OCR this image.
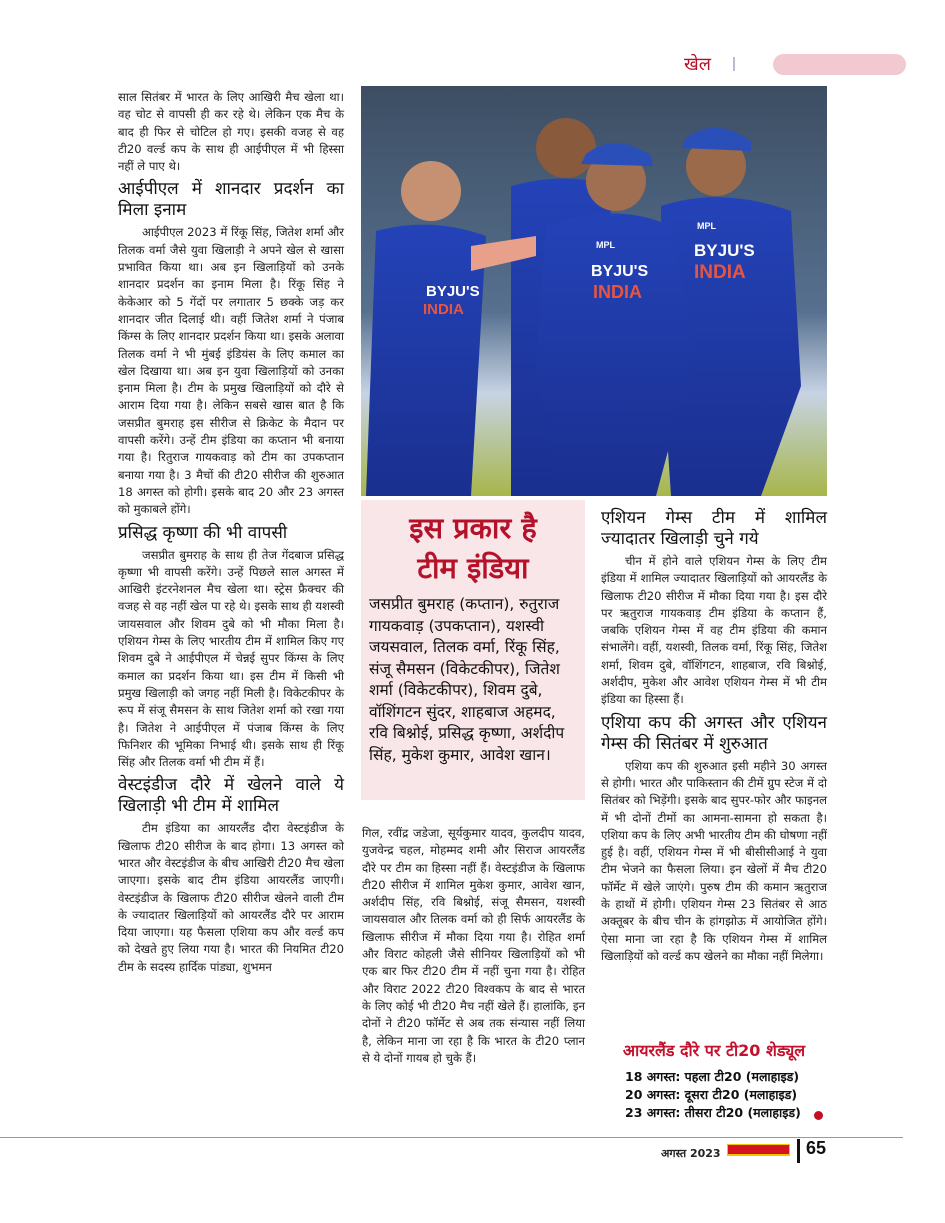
खेल

साल सितंबर में भारत के लिए आखिरी मैच खेला था। वह चोट से वापसी ही कर रहे थे। लेकिन एक मैच के बाद ही फिर से चोटिल हो गए। इसकी वजह से वह टी20 वर्ल्ड कप के साथ ही आईपीएल में भी हिस्सा नहीं ले पाए थे।

आईपीएल में शानदार प्रदर्शन का मिला इनाम

आईपीएल 2023 में रिंकू सिंह, जितेश शर्मा और तिलक वर्मा जैसे युवा खिलाड़ी ने अपने खेल से खासा प्रभावित किया था। अब इन खिलाड़ियों को उनके शानदार प्रदर्शन का इनाम मिला है। रिंकू सिंह ने केकेआर को 5 गेंदों पर लगातार 5 छक्के जड़ कर शानदार जीत दिलाई थी। वहीं जितेश शर्मा ने पंजाब किंग्स के लिए शानदार प्रदर्शन किया था। इसके अलावा तिलक वर्मा ने भी मुंबई इंडियंस के लिए कमाल का खेल दिखाया था। अब इन युवा खिलाड़ियों को उनका इनाम मिला है। टीम के प्रमुख खिलाड़ियों को दौरे से आराम दिया गया है। लेकिन सबसे खास बात है कि जसप्रीत बुमराह इस सीरीज से क्रिकेट के मैदान पर वापसी करेंगे। उन्हें टीम इंडिया का कप्तान भी बनाया गया है। रितुराज गायकवाड़ को टीम का उपकप्तान बनाया गया है। 3 मैचों की टी20 सीरीज की शुरुआत 18 अगस्त को होगी। इसके बाद 20 और 23 अगस्त को मुकाबले होंगे।

प्रसिद्ध कृष्णा की भी वापसी

जसप्रीत बुमराह के साथ ही तेज गेंदबाज प्रसिद्ध कृष्णा भी वापसी करेंगे। उन्हें पिछले साल अगस्त में आखिरी इंटरनेशनल मैच खेला था। स्ट्रेस फ्रैक्चर की वजह से वह नहीं खेल पा रहे थे। इसके साथ ही यशस्वी जायसवाल और शिवम दुबे को भी मौका मिला है। एशियन गेम्स के लिए भारतीय टीम में शामिल किए गए शिवम दुबे ने आईपीएल में चेन्नई सुपर किंग्स के लिए कमाल का प्रदर्शन किया था। इस टीम में किसी भी प्रमुख खिलाड़ी को जगह नहीं मिली है। विकेटकीपर के रूप में संजू सैमसन के साथ जितेश शर्मा को रखा गया है। जितेश ने आईपीएल में पंजाब किंग्स के लिए फिनिशर की भूमिका निभाई थी। इसके साथ ही रिंकू सिंह और तिलक वर्मा भी टीम में हैं।

वेस्टइंडीज दौरे में खेलने वाले ये खिलाड़ी भी टीम में शामिल

टीम इंडिया का आयरलैंड दौरा वेस्टइंडीज के खिलाफ टी20 सीरीज के बाद होगा। 13 अगस्त को भारत और वेस्टइंडीज के बीच आखिरी टी20 मैच खेला जाएगा। इसके बाद टीम इंडिया आयरलैंड जाएगी। वेस्टइंडीज के खिलाफ टी20 सीरीज खेलने वाली टीम के ज्यादातर खिलाड़ियों को आयरलैंड दौरे पर आराम दिया जाएगा। यह फैसला एशिया कप और वर्ल्ड कप को देखते हुए लिया गया है। भारत की नियमित टी20 टीम के सदस्य हार्दिक पांड्या, शुभमन

BYJU'S
INDIA
BYJU'S
INDIA
MPL
BYJU'S
INDIA
MPL
इस प्रकार है
टीम इंडिया
जसप्रीत बुमराह (कप्तान), रुतुराज गायकवाड़ (उपकप्तान), यशस्वी जयसवाल, तिलक वर्मा, रिंकू सिंह, संजू सैमसन (विकेटकीपर), जितेश शर्मा (विकेटकीपर), शिवम दुबे, वॉशिंगटन सुंदर, शाहबाज अहमद, रवि बिश्नोई, प्रसिद्ध कृष्णा, अर्शदीप सिंह, मुकेश कुमार, आवेश खान।

गिल, रवींद्र जडेजा, सूर्यकुमार यादव, कुलदीप यादव, युजवेन्द्र चहल, मोहम्मद शमी और सिराज आयरलैंड दौरे पर टीम का हिस्सा नहीं हैं। वेस्टइंडीज के खिलाफ टी20 सीरीज में शामिल मुकेश कुमार, आवेश खान, अर्शदीप सिंह, रवि बिश्नोई, संजू सैमसन, यशस्वी जायसवाल और तिलक वर्मा को ही सिर्फ आयरलैंड के खिलाफ सीरीज में मौका दिया गया है। रोहित शर्मा और विराट कोहली जैसे सीनियर खिलाड़ियों को भी एक बार फिर टी20 टीम में नहीं चुना गया है। रोहित और विराट 2022 टी20 विश्वकप के बाद से भारत के लिए कोई भी टी20 मैच नहीं खेले हैं। हालांकि, इन दोनों ने टी20 फॉर्मेट से अब तक संन्यास नहीं लिया है, लेकिन माना जा रहा है कि भारत के टी20 प्लान से ये दोनों गायब हो चुके हैं।

एशियन गेम्स टीम में शामिल ज्यादातर खिलाड़ी चुने गये

चीन में होने वाले एशियन गेम्स के लिए टीम इंडिया में शामिल ज्यादातर खिलाड़ियों को आयरलैंड के खिलाफ टी20 सीरीज में मौका दिया गया है। इस दौरे पर ऋतुराज गायकवाड़ टीम इंडिया के कप्तान हैं, जबकि एशियन गेम्स में वह टीम इंडिया की कमान संभालेंगे। वहीं, यशस्वी, तिलक वर्मा, रिंकू सिंह, जितेश शर्मा, शिवम दुबे, वॉशिंगटन, शाहबाज, रवि बिश्नोई, अर्शदीप, मुकेश और आवेश एशियन गेम्स में भी टीम इंडिया का हिस्सा हैं।

एशिया कप की अगस्त और एशियन गेम्स की सितंबर में शुरुआत

एशिया कप की शुरुआत इसी महीने 30 अगस्त से होगी। भारत और पाकिस्तान की टीमें ग्रुप स्टेज में दो सितंबर को भिड़ेंगी। इसके बाद सुपर-फोर और फाइनल में भी दोनों टीमों का आमना-सामना हो सकता है। एशिया कप के लिए अभी भारतीय टीम की घोषणा नहीं हुई है। वहीं, एशियन गेम्स में भी बीसीसीआई ने युवा टीम भेजने का फैसला लिया। इन खेलों में मैच टी20 फॉर्मेट में खेले जाएंगे। पुरुष टीम की कमान ऋतुराज के हाथों में होगी। एशियन गेम्स 23 सितंबर से आठ अक्तूबर के बीच चीन के हांगझोऊ में आयोजित होंगे। ऐसा माना जा रहा है कि एशियन गेम्स में शामिल खिलाड़ियों को वर्ल्ड कप खेलने का मौका नहीं मिलेगा।

आयरलैंड दौरे पर टी20 शेड्यूल
18 अगस्त: पहला टी20 (मलाहाइड)
20 अगस्त: दूसरा टी20 (मलाहाइड)
23 अगस्त: तीसरा टी20 (मलाहाइड)
अगस्त 2023	65
